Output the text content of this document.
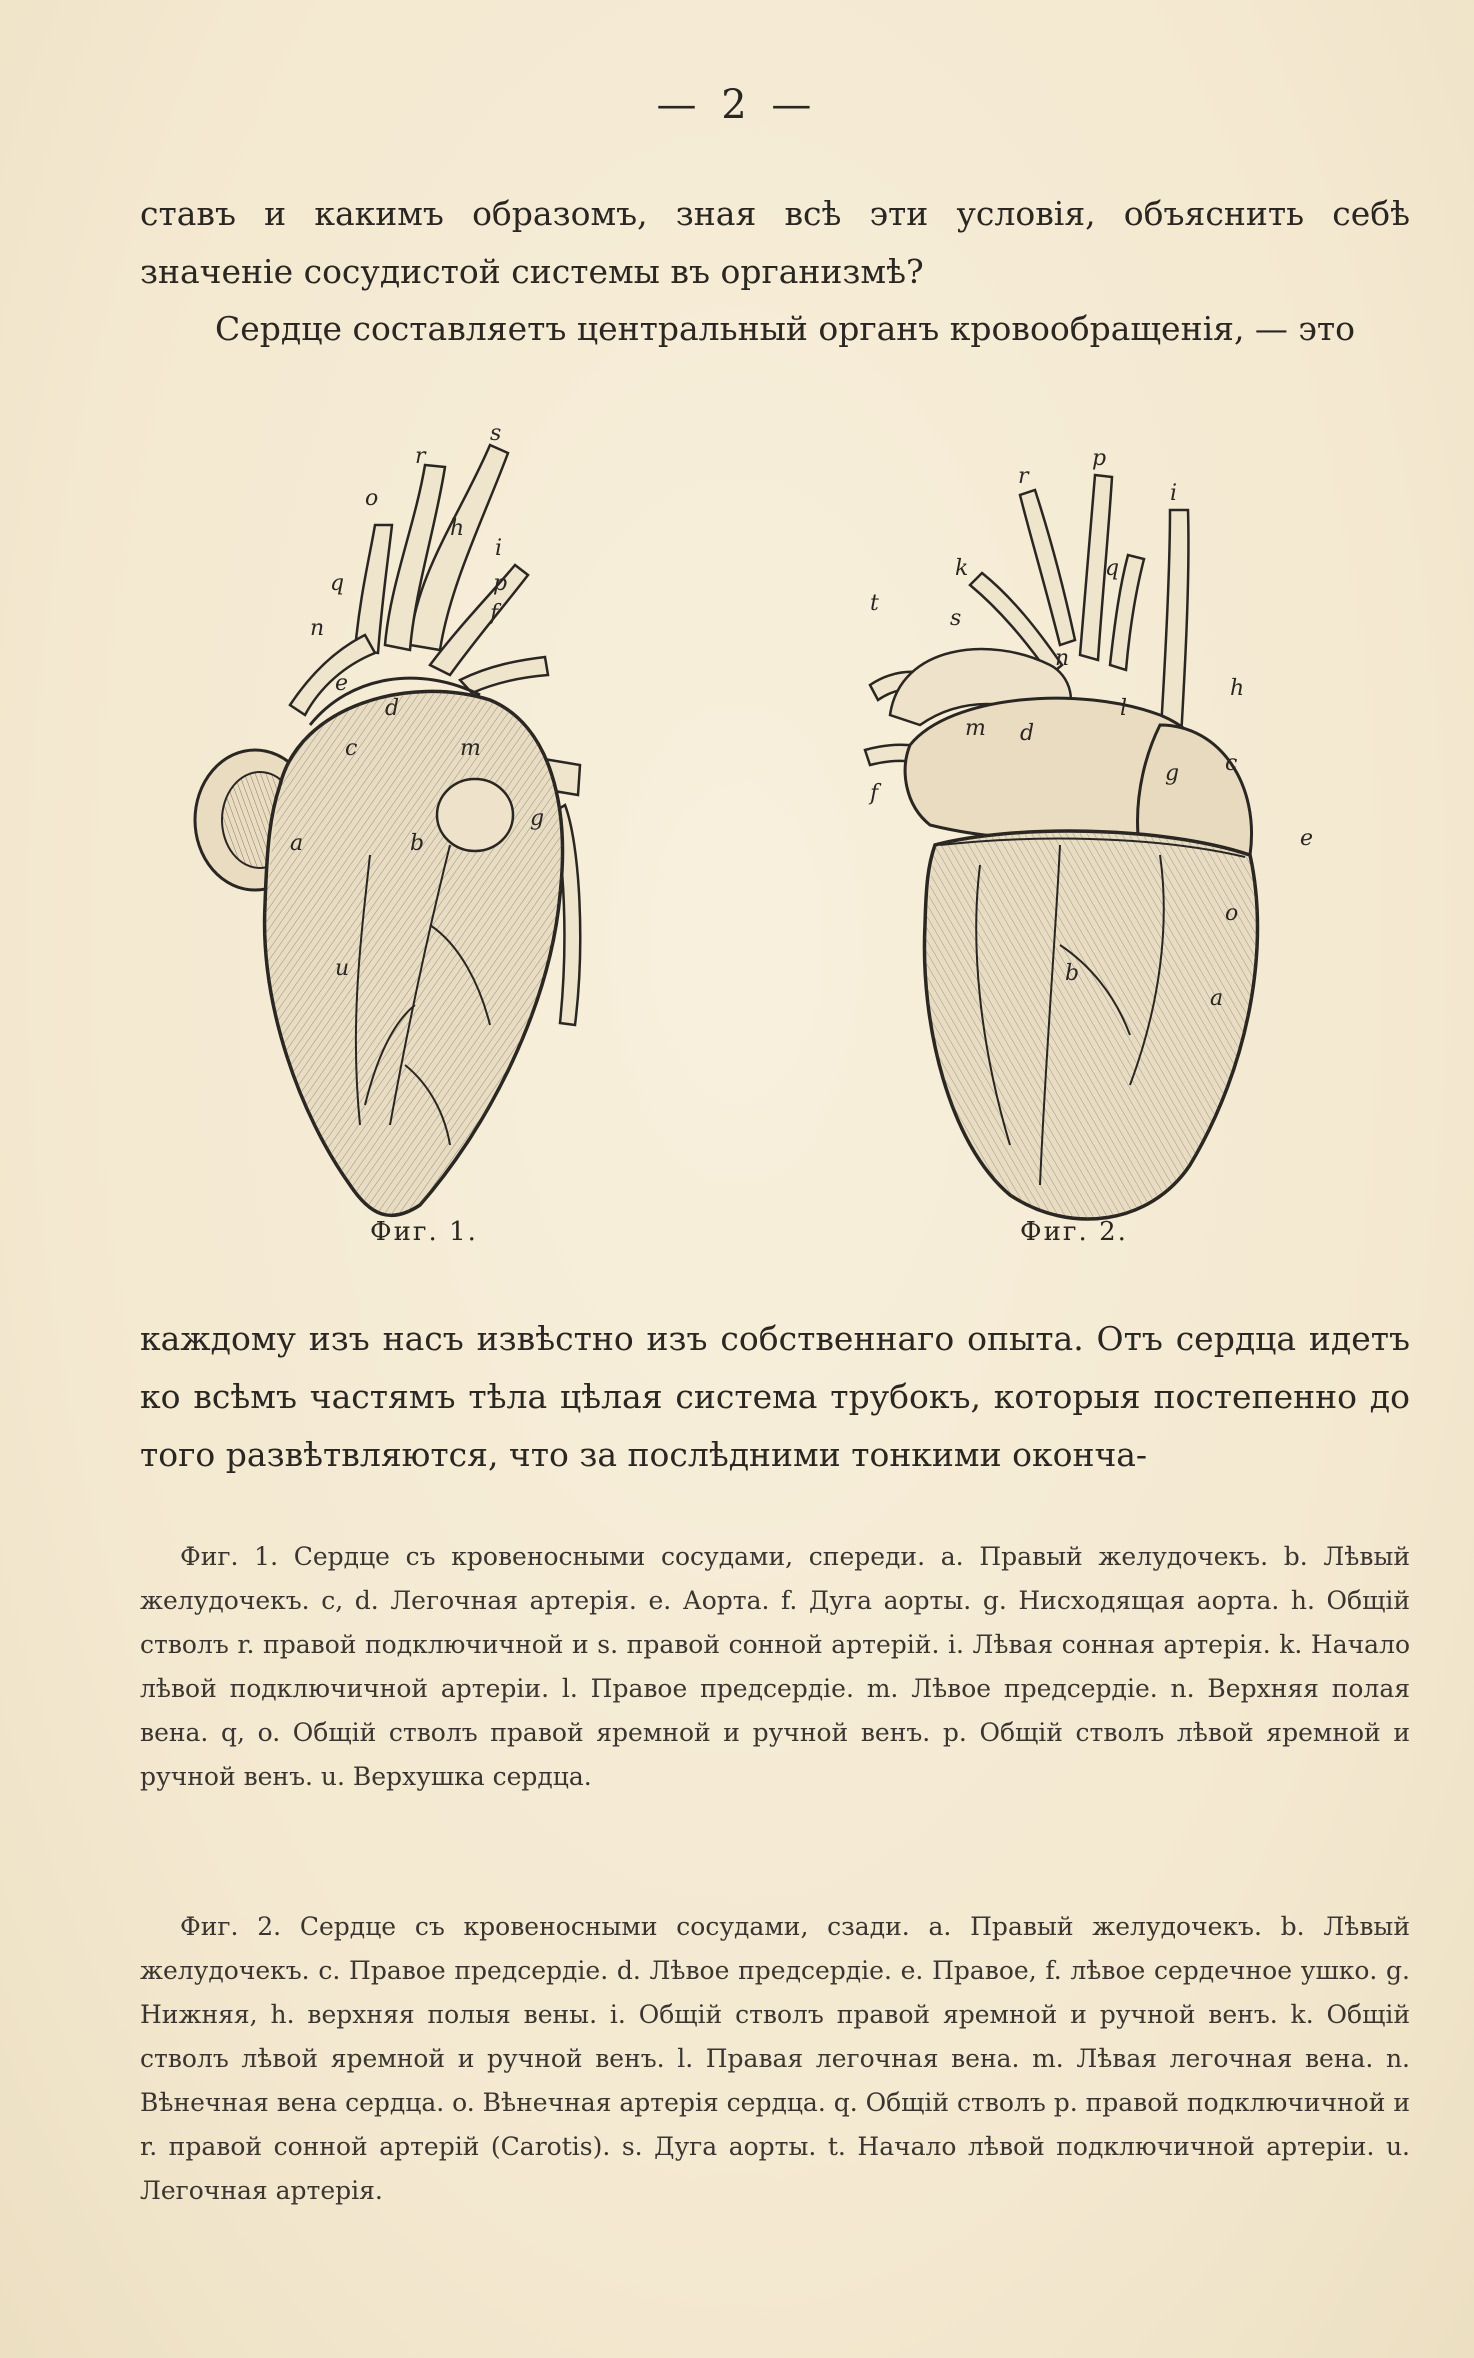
— 2 —
ставъ и какимъ образомъ, зная всѣ эти условія, объяснить себѣ значеніе сосудистой системы въ организмѣ?
Сердце составляетъ центральный органъ кровообращенія, — это
s
r
o
h
i
q	p
f
n
e
d
c	m
g
a	b
u
Фиг. 1.
p
r
i
k	q
t
s
n
h
l
m d
g c
f
e
o
b
a
Фиг. 2.
каждому изъ насъ извѣстно изъ собственнаго опыта. Отъ сердца идетъ ко всѣмъ частямъ тѣла цѣлая система трубокъ, которыя постепенно до того развѣтвляются, что за послѣдними тонкими оконча-
Фиг. 1. Сердце съ кровеносными сосудами, спереди. a. Правый желудочекъ. b. Лѣвый желудочекъ. c, d. Легочная артерія. e. Аорта. f. Дуга аорты. g. Нисходящая аорта. h. Общій стволъ r. правой подключичной и s. правой сонной артерій. i. Лѣвая сонная артерія. k. Начало лѣвой подключичной артеріи. l. Правое предсердіе. m. Лѣвое предсердіе. n. Верхняя полая вена. q, o. Общій стволъ правой яремной и ручной венъ. p. Общій стволъ лѣвой яремной и ручной венъ. u. Верхушка сердца.
Фиг. 2. Сердце съ кровеносными сосудами, сзади. a. Правый желудочекъ. b. Лѣвый желудочекъ. c. Правое предсердіе. d. Лѣвое предсердіе. e. Правое, f. лѣвое сердечное ушко. g. Нижняя, h. верхняя полыя вены. i. Общій стволъ правой яремной и ручной венъ. k. Общій стволъ лѣвой яремной и ручной венъ. l. Правая легочная вена. m. Лѣвая легочная вена. n. Вѣнечная вена сердца. o. Вѣнечная артерія сердца. q. Общій стволъ p. правой подключичной и r. правой сонной артерій (Carotis). s. Дуга аорты. t. Начало лѣвой подключичной артеріи. u. Легочная артерія.
